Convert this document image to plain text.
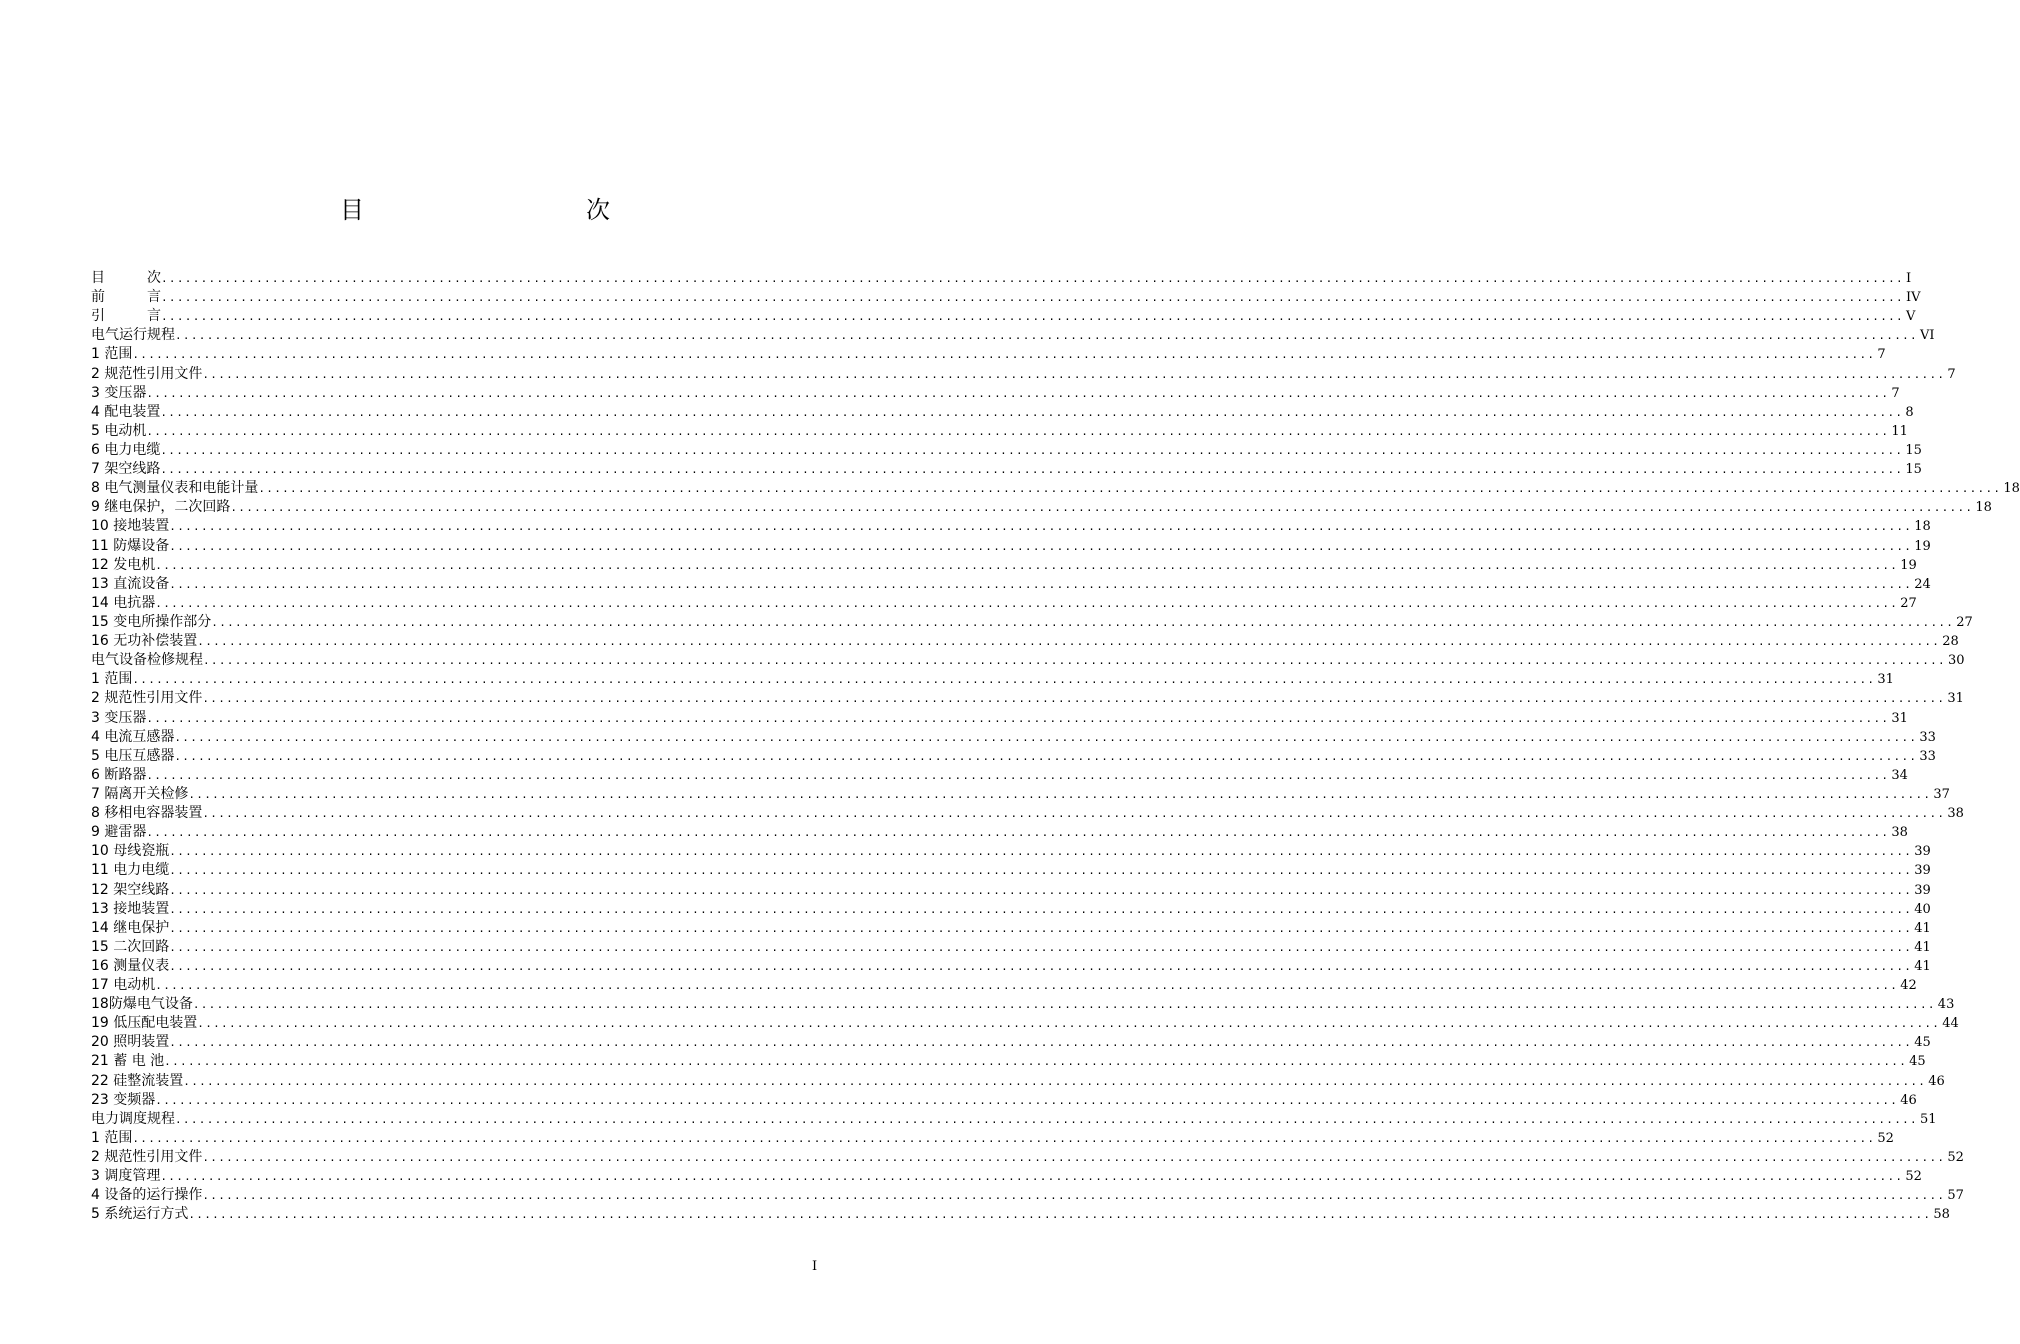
目　　次
目　　　次 ............................................................................................................................................................................................................................ I
前　　　言 ............................................................................................................................................................................................................................ IV
引　　　言 ............................................................................................................................................................................................................................ V
电气运行规程 ............................................................................................................................................................................................................................ VI
1 范围 ............................................................................................................................................................................................................................ 7
2 规范性引用文件 ............................................................................................................................................................................................................................ 7
3 变压器 ............................................................................................................................................................................................................................ 7
4 配电装置 ............................................................................................................................................................................................................................ 8
5 电动机 ............................................................................................................................................................................................................................ 11
6 电力电缆 ............................................................................................................................................................................................................................ 15
7 架空线路 ............................................................................................................................................................................................................................ 15
8 电气测量仪表和电能计量 ............................................................................................................................................................................................................................ 18
9 继电保护，二次回路 ............................................................................................................................................................................................................................ 18
10 接地装置 ............................................................................................................................................................................................................................ 18
11 防爆设备 ............................................................................................................................................................................................................................ 19
12 发电机 ............................................................................................................................................................................................................................ 19
13 直流设备 ............................................................................................................................................................................................................................ 24
14 电抗器 ............................................................................................................................................................................................................................ 27
15 变电所操作部分 ............................................................................................................................................................................................................................ 27
16 无功补偿装置 ............................................................................................................................................................................................................................ 28
电气设备检修规程 ............................................................................................................................................................................................................................ 30
1 范围 ............................................................................................................................................................................................................................ 31
2 规范性引用文件 ............................................................................................................................................................................................................................ 31
3 变压器 ............................................................................................................................................................................................................................ 31
4 电流互感器 ............................................................................................................................................................................................................................ 33
5 电压互感器 ............................................................................................................................................................................................................................ 33
6 断路器 ............................................................................................................................................................................................................................ 34
7 隔离开关检修 ............................................................................................................................................................................................................................ 37
8 移相电容器装置 ............................................................................................................................................................................................................................ 38
9 避雷器 ............................................................................................................................................................................................................................ 38
10 母线瓷瓶 ............................................................................................................................................................................................................................ 39
11 电力电缆 ............................................................................................................................................................................................................................ 39
12 架空线路 ............................................................................................................................................................................................................................ 39
13 接地装置 ............................................................................................................................................................................................................................ 40
14 继电保护 ............................................................................................................................................................................................................................ 41
15 二次回路 ............................................................................................................................................................................................................................ 41
16 测量仪表 ............................................................................................................................................................................................................................ 41
17 电动机 ............................................................................................................................................................................................................................ 42
18防爆电气设备 ............................................................................................................................................................................................................................ 43
19 低压配电装置 ............................................................................................................................................................................................................................ 44
20 照明装置 ............................................................................................................................................................................................................................ 45
21 蓄 电 池 ............................................................................................................................................................................................................................ 45
22 硅整流装置 ............................................................................................................................................................................................................................ 46
23 变频器 ............................................................................................................................................................................................................................ 46
电力调度规程 ............................................................................................................................................................................................................................ 51
1 范围 ............................................................................................................................................................................................................................ 52
2 规范性引用文件 ............................................................................................................................................................................................................................ 52
3 调度管理 ............................................................................................................................................................................................................................ 52
4 设备的运行操作 ............................................................................................................................................................................................................................ 57
5 系统运行方式 ............................................................................................................................................................................................................................ 58
I
